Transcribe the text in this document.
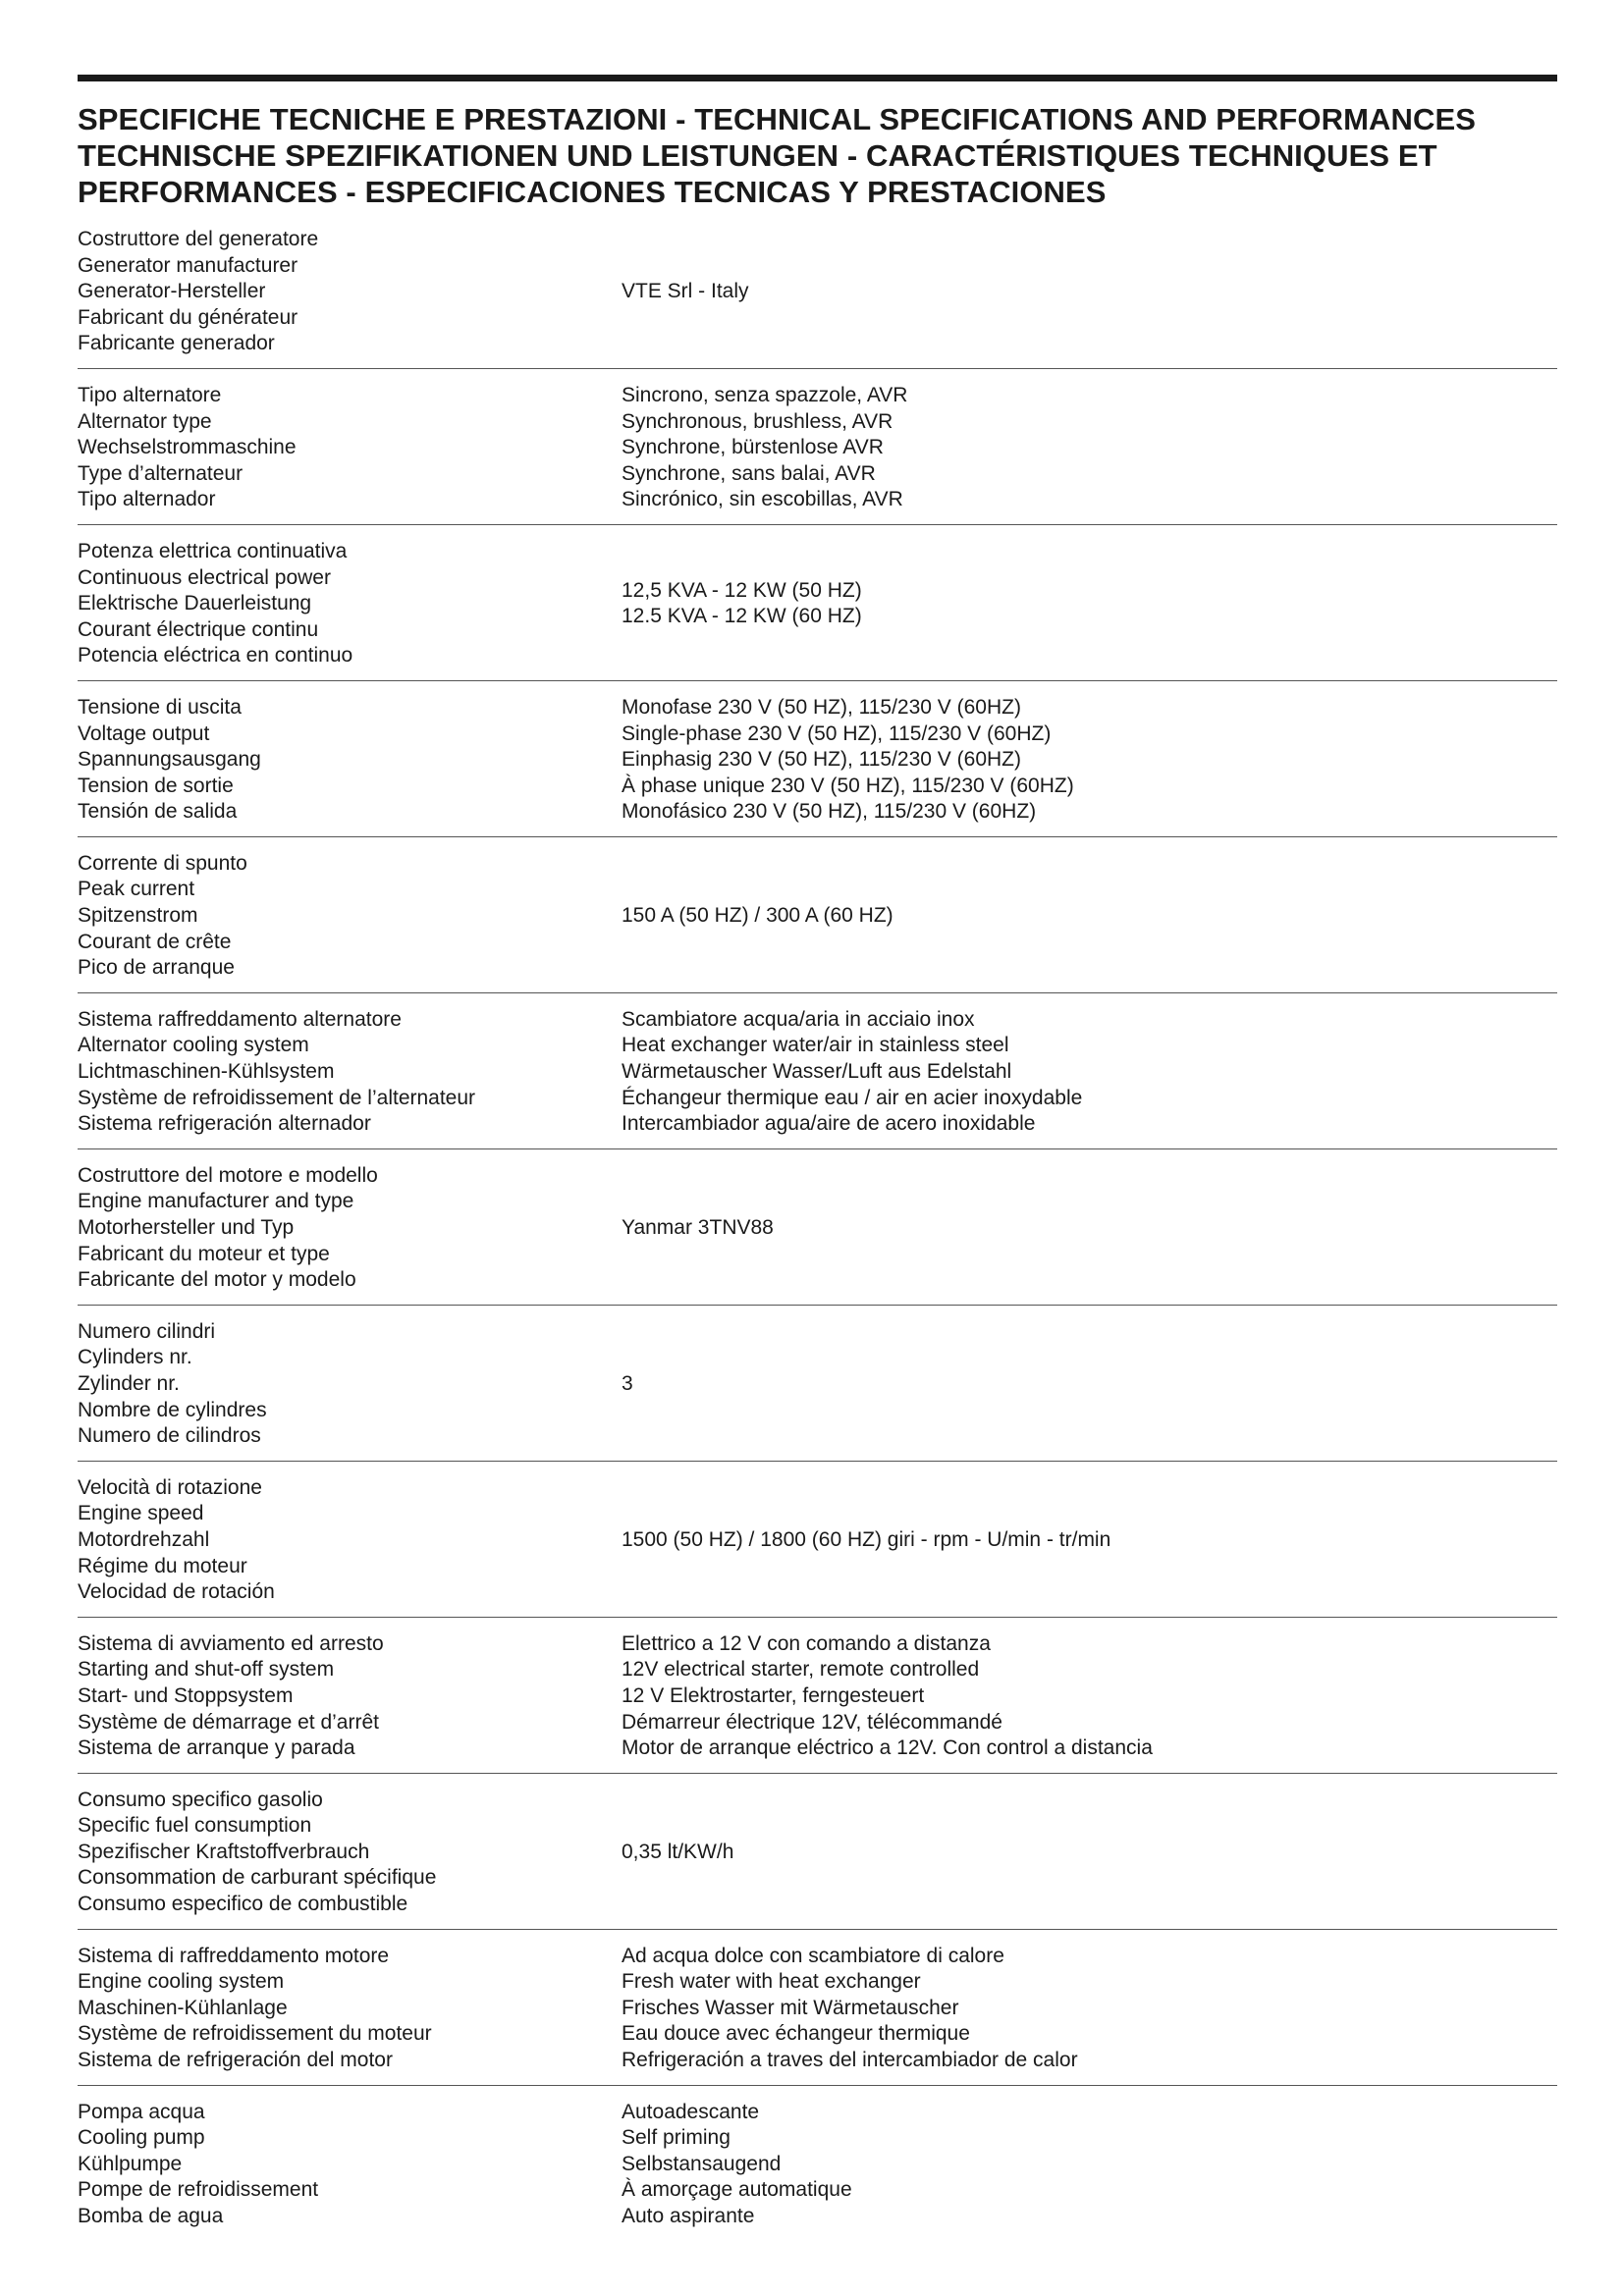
SPECIFICHE TECNICHE E PRESTAZIONI - TECHNICAL SPECIFICATIONS AND PERFORMANCES
TECHNISCHE SPEZIFIKATIONEN UND LEISTUNGEN - CARACTÉRISTIQUES TECHNIQUES ET
PERFORMANCES - ESPECIFICACIONES TECNICAS Y PRESTACIONES
Costruttore del generatore
Generator manufacturer
Generator-Hersteller
Fabricant du générateur
Fabricante generador
VTE Srl - Italy
Tipo alternatore
Alternator type
Wechselstrommaschine
Type d’alternateur
Tipo alternador
Sincrono, senza spazzole, AVR
Synchronous, brushless, AVR
Synchrone, bürstenlose AVR
Synchrone, sans balai, AVR
Sincrónico, sin escobillas, AVR
Potenza elettrica continuativa
Continuous electrical power
Elektrische Dauerleistung
Courant électrique continu
Potencia eléctrica en continuo
12,5 KVA - 12 KW (50 HZ)
12.5 KVA - 12 KW (60 HZ)
Tensione di uscita
Voltage output
Spannungsausgang
Tension de sortie
Tensión de salida
Monofase 230 V (50 HZ), 115/230 V (60HZ)
Single-phase 230 V (50 HZ), 115/230 V (60HZ)
Einphasig 230 V (50 HZ), 115/230 V (60HZ)
À phase unique 230 V (50 HZ), 115/230 V (60HZ)
Monofásico 230 V (50 HZ), 115/230 V (60HZ)
Corrente di spunto
Peak current
Spitzenstrom
Courant de crête
Pico de arranque
150 A (50 HZ) / 300 A (60 HZ)
Sistema raffreddamento alternatore
Alternator cooling system
Lichtmaschinen-Kühlsystem
Système de refroidissement de l’alternateur
Sistema refrigeración alternador
Scambiatore acqua/aria in acciaio inox
Heat exchanger water/air in stainless steel
Wärmetauscher Wasser/Luft aus Edelstahl
Échangeur thermique eau / air en acier inoxydable
Intercambiador agua/aire de acero inoxidable
Costruttore del motore e modello
Engine manufacturer and type
Motorhersteller und Typ
Fabricant du moteur et type
Fabricante del motor y modelo
Yanmar 3TNV88
Numero cilindri
Cylinders nr.
Zylinder nr.
Nombre de cylindres
Numero de cilindros
3
Velocità di rotazione
Engine speed
Motordrehzahl
Régime du moteur
Velocidad de rotación
1500 (50 HZ) / 1800 (60 HZ) giri - rpm - U/min - tr/min
Sistema di avviamento ed arresto
Starting and shut-off system
Start- und Stoppsystem
Système de démarrage et d’arrêt
Sistema de arranque y parada
Elettrico a 12 V con comando a distanza
12V electrical starter, remote controlled
12 V Elektrostarter, ferngesteuert
Démarreur électrique 12V, télécommandé
Motor de arranque eléctrico a 12V. Con control a distancia
Consumo specifico gasolio
Specific fuel consumption
Spezifischer Kraftstoffverbrauch
Consommation de carburant spécifique
Consumo especifico de combustible
0,35 lt/KW/h
Sistema di raffreddamento motore
Engine cooling system
Maschinen-Kühlanlage
Système de refroidissement du moteur
Sistema de refrigeración del motor
Ad acqua dolce con scambiatore di calore
Fresh water with heat exchanger
Frisches Wasser mit Wärmetauscher
Eau douce avec échangeur thermique
Refrigeración a traves del intercambiador de calor
Pompa acqua
Cooling pump
Kühlpumpe
Pompe de refroidissement
Bomba de agua
Autoadescante
Self priming
Selbstansaugend
À amorçage automatique
Auto aspirante
